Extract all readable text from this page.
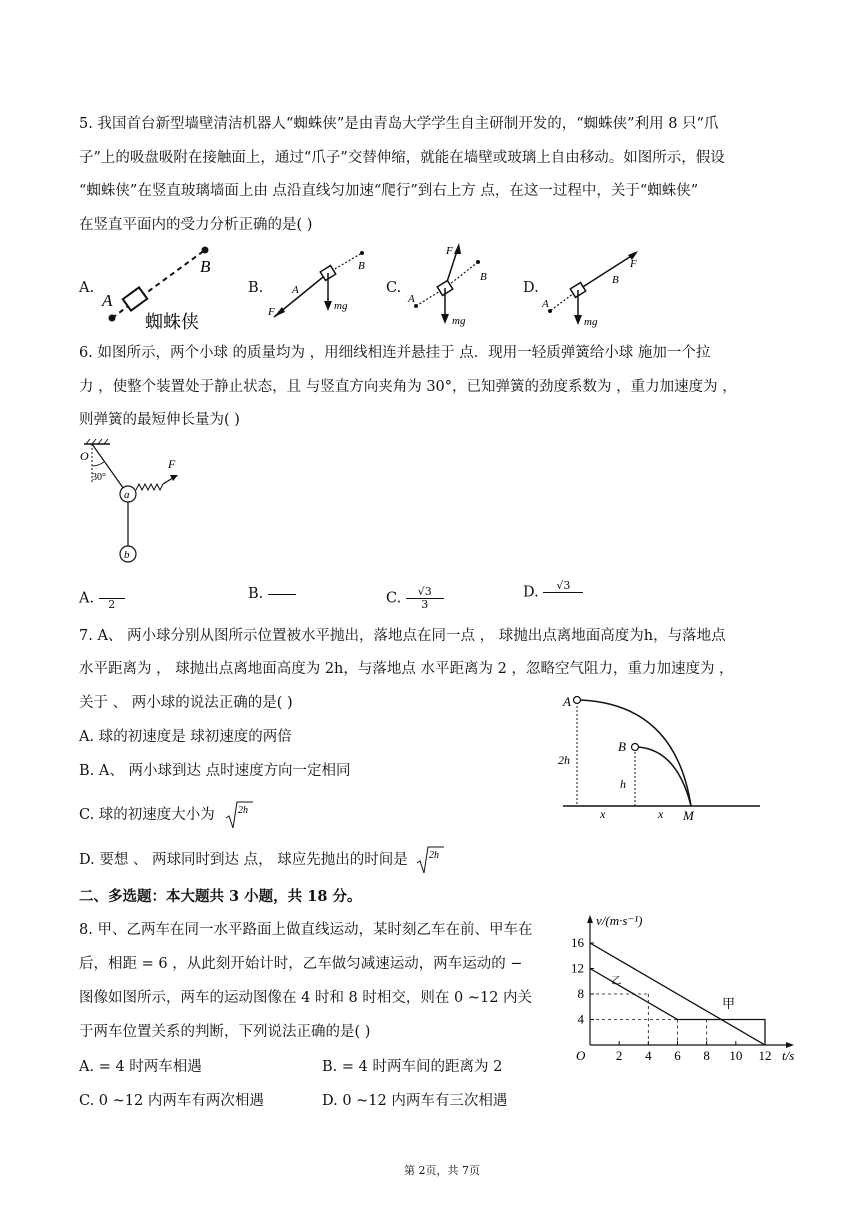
5. 我国首台新型墙壁清洁机器人“蜘蛛侠”是由青岛大学学生自主研制开发的，“蜘蛛侠”利用 8 只“爪
子”上的吸盘吸附在接触面上，通过“爪子”交替伸缩，就能在墙壁或玻璃上自由移动。如图所示，假设
“蜘蛛侠”在竖直玻璃墙面上由 点沿直线匀加速“爬行”到右上方 点，在这一过程中，关于“蜘蛛侠”
在竖直平面内的受力分析正确的是( )
A.	B.	C.	D.
A
B
蜘蛛侠
A
B
F	mg
A
B
F
mg
A
B
F
mg
6. 如图所示，两个小球 的质量均为 ，用细线相连并悬挂于 点．现用一轻质弹簧给小球 施加一个拉
力 ，使整个装置处于静止状态，且 与竖直方向夹角为 30°，已知弹簧的劲度系数为 ，重力加速度为 ，
则弹簧的最短伸长量为( )
O
30°
a
b
F
A.
	2
B.	C. $\frac{√3}{3}$	D.	√3

7. A、 两小球分别从图所示位置被水平抛出，落地点在同一点 ， 球抛出点离地面高度为h，与落地点
水平距离为 ， 球抛出点离地面高度为 2h，与落地点 水平距离为 2 ，忽略空气阻力，重力加速度为 ，
关于 、 两小球的说法正确的是( )
A. 球的初速度是 球初速度的两倍
B. A、 两小球到达 点时速度方向一定相同
C. 球的初速度大小为 2h
D. 要想 、 两球同时到达 点， 球应先抛出的时间是 2h
A
B
2h
h
x	x M
二、多选题：本大题共 3 小题，共 18 分。
8. 甲、乙两车在同一水平路面上做直线运动，某时刻乙车在前、甲车在
后，相距 = 6 ，从此刻开始计时，乙车做匀减速运动，两车运动的 −
图像如图所示，两车的运动图像在 4 时和 8 时相交，则在 0 ~12 内关
于两车位置关系的判断，下列说法正确的是( )
A. = 4 时两车相遇	B. = 4 时两车间的距离为 2
C. 0 ~12 内两车有两次相遇	D. 0 ~12 内两车有三次相遇
2 4 6 8 10 12
4
8
12
16
v/(m·s⁻¹)
t/s
O
甲
乙
第 2页，共 7页
